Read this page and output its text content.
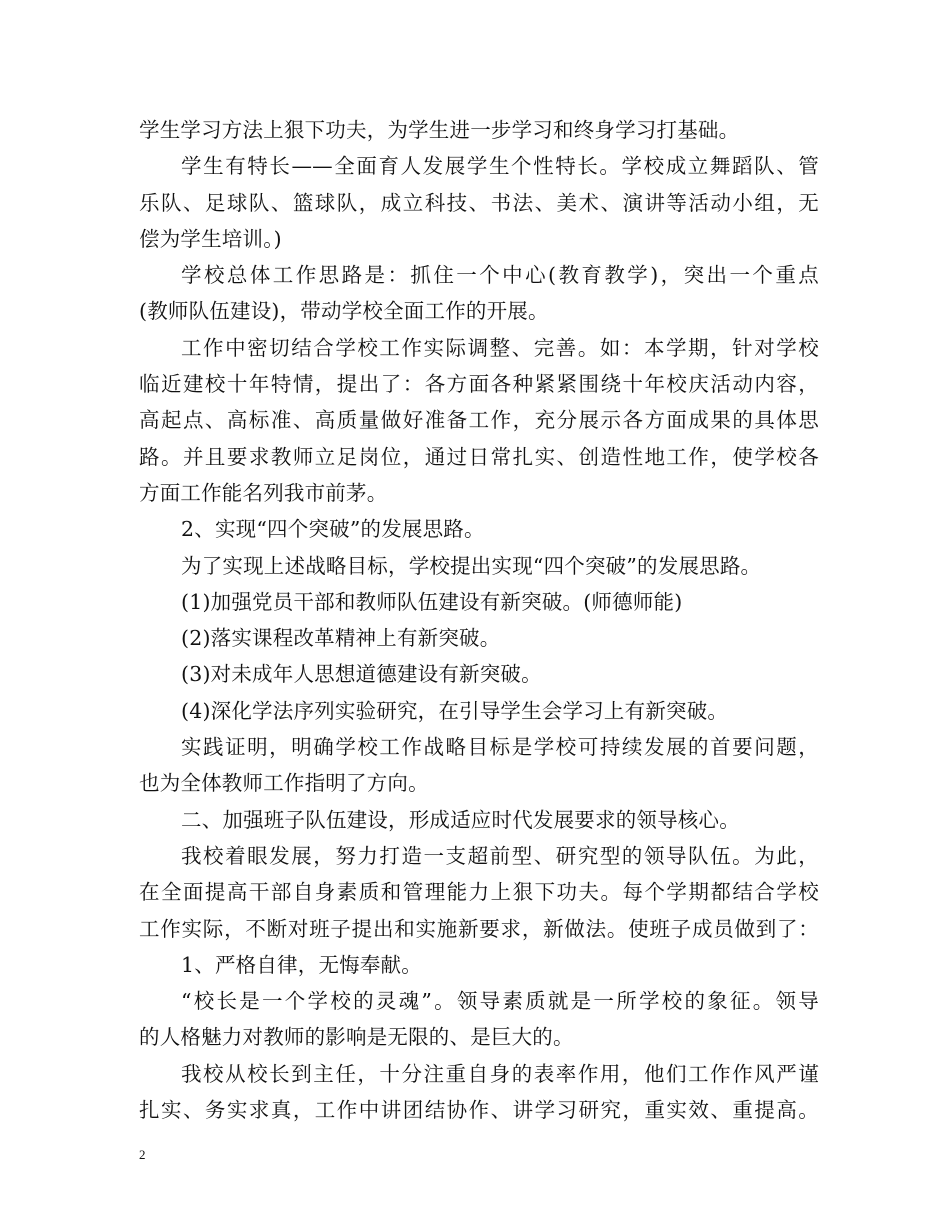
学生学习方法上狠下功夫，为学生进一步学习和终身学习打基础。
学生有特长——全面育人发展学生个性特长。学校成立舞蹈队、管
乐队、足球队、篮球队，成立科技、书法、美术、演讲等活动小组，无
偿为学生培训。)
学校总体工作思路是：抓住一个中心(教育教学)，突出一个重点
(教师队伍建设)，带动学校全面工作的开展。
工作中密切结合学校工作实际调整、完善。如：本学期，针对学校
临近建校十年特情，提出了：各方面各种紧紧围绕十年校庆活动内容，
高起点、高标准、高质量做好准备工作，充分展示各方面成果的具体思
路。并且要求教师立足岗位，通过日常扎实、创造性地工作，使学校各
方面工作能名列我市前茅。
2、实现“四个突破”的发展思路。
为了实现上述战略目标，学校提出实现“四个突破”的发展思路。
(1)加强党员干部和教师队伍建设有新突破。(师德师能)
(2)落实课程改革精神上有新突破。
(3)对未成年人思想道德建设有新突破。
(4)深化学法序列实验研究，在引导学生会学习上有新突破。
实践证明，明确学校工作战略目标是学校可持续发展的首要问题，
也为全体教师工作指明了方向。
二、加强班子队伍建设，形成适应时代发展要求的领导核心。
我校着眼发展，努力打造一支超前型、研究型的领导队伍。为此，
在全面提高干部自身素质和管理能力上狠下功夫。每个学期都结合学校
工作实际，不断对班子提出和实施新要求，新做法。使班子成员做到了：
1、严格自律，无悔奉献。
“校长是一个学校的灵魂”。领导素质就是一所学校的象征。领导
的人格魅力对教师的影响是无限的、是巨大的。
我校从校长到主任，十分注重自身的表率作用，他们工作作风严谨
扎实、务实求真，工作中讲团结协作、讲学习研究，重实效、重提高。
2
